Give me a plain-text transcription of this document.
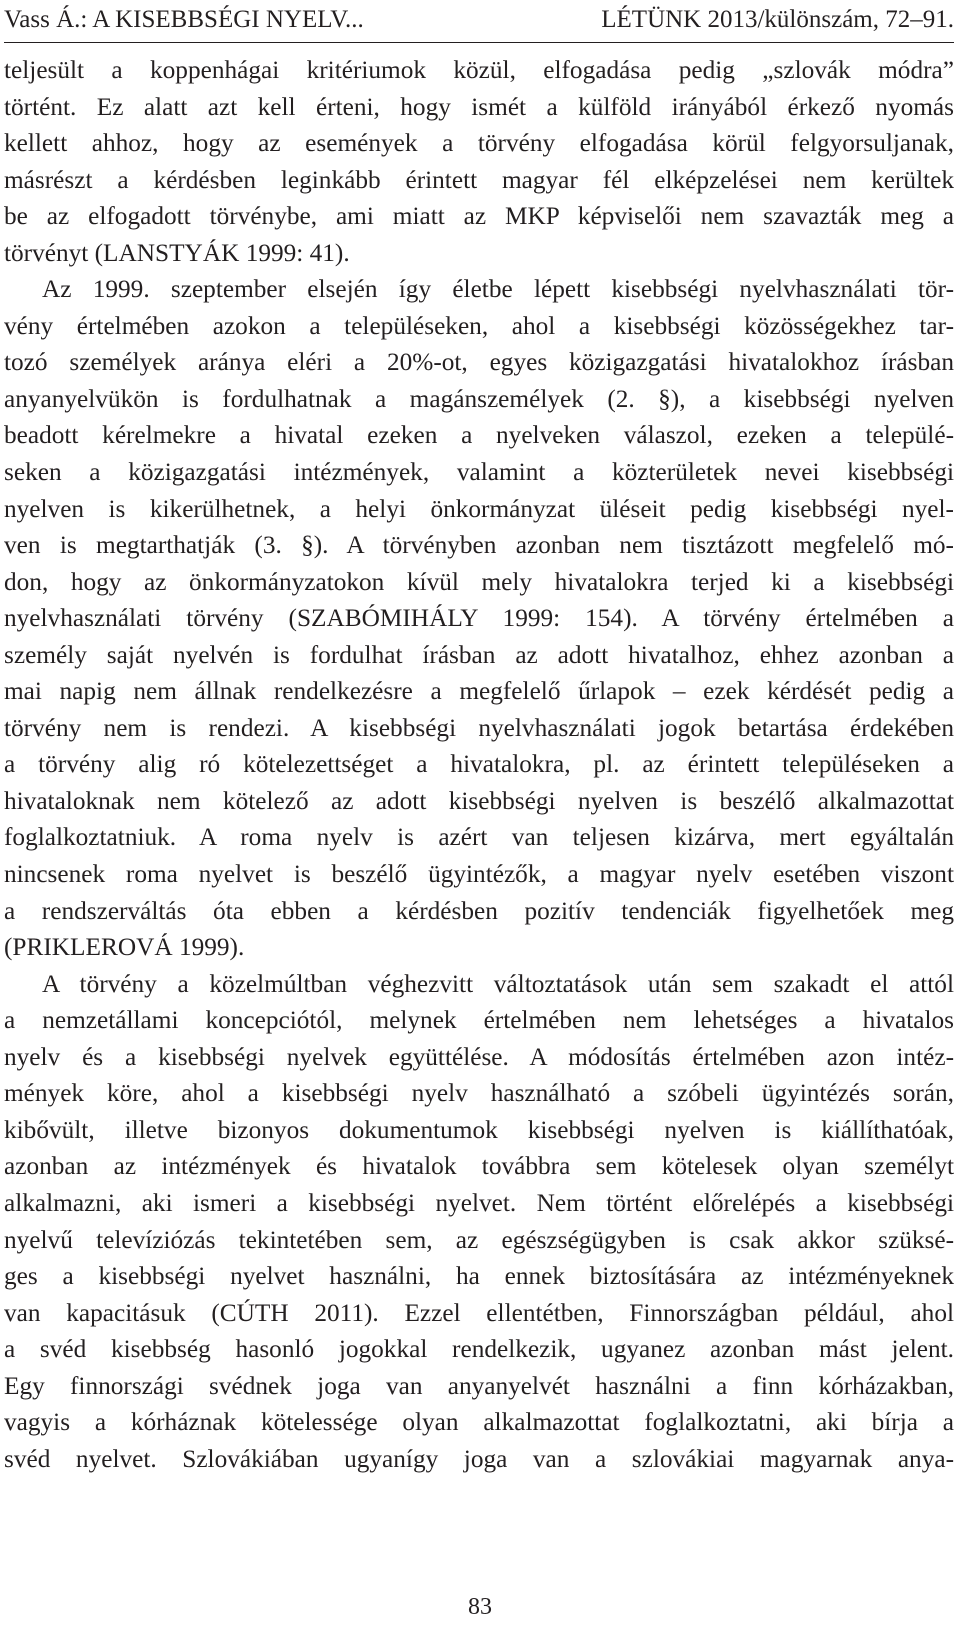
Vass Á.: A KISEBBSÉGI NYELV...	LÉTÜNK 2013/különszám, 72–91.

teljesült a koppenhágai kritériumok közül, elfogadása pedig „szlovák módra”
történt. Ez alatt azt kell érteni, hogy ismét a külföld irányából érkező nyomás
kellett ahhoz, hogy az események a törvény elfogadása körül felgyorsuljanak,
másrészt a kérdésben leginkább érintett magyar fél elképzelései nem kerültek
be az elfogadott törvénybe, ami miatt az MKP képviselői nem szavazták meg a
törvényt (LANSTYÁK 1999: 41).

Az 1999. szeptember elsején így életbe lépett kisebbségi nyelvhasználati tör-
vény értelmében azokon a településeken, ahol a kisebbségi közösségekhez tar-
tozó személyek aránya eléri a 20%-ot, egyes közigazgatási hivatalokhoz írásban
anyanyelvükön is fordulhatnak a magánszemélyek (2. §), a kisebbségi nyelven
beadott kérelmekre a hivatal ezeken a nyelveken válaszol, ezeken a települé-
seken a közigazgatási intézmények, valamint a közterületek nevei kisebbségi
nyelven is kikerülhetnek, a helyi önkormányzat üléseit pedig kisebbségi nyel-
ven is megtarthatják (3. §). A törvényben azonban nem tisztázott megfelelő mó-
don, hogy az önkormányzatokon kívül mely hivatalokra terjed ki a kisebbségi
nyelvhasználati törvény (SZABÓMIHÁLY 1999: 154). A törvény értelmében a
személy saját nyelvén is fordulhat írásban az adott hivatalhoz, ehhez azonban a
mai napig nem állnak rendelkezésre a megfelelő űrlapok – ezek kérdését pedig a
törvény nem is rendezi. A kisebbségi nyelvhasználati jogok betartása érdekében
a törvény alig ró kötelezettséget a hivatalokra, pl. az érintett településeken a
hivataloknak nem kötelező az adott kisebbségi nyelven is beszélő alkalmazottat
foglalkoztatniuk. A roma nyelv is azért van teljesen kizárva, mert egyáltalán
nincsenek roma nyelvet is beszélő ügyintézők, a magyar nyelv esetében viszont
a rendszerváltás óta ebben a kérdésben pozitív tendenciák figyelhetőek meg
(PRIKLEROVÁ 1999).

A törvény a közelmúltban véghezvitt változtatások után sem szakadt el attól
a nemzetállami koncepciótól, melynek értelmében nem lehetséges a hivatalos
nyelv és a kisebbségi nyelvek együttélése. A módosítás értelmében azon intéz-
mények köre, ahol a kisebbségi nyelv használható a szóbeli ügyintézés során,
kibővült, illetve bizonyos dokumentumok kisebbségi nyelven is kiállíthatóak,
azonban az intézmények és hivatalok továbbra sem kötelesek olyan személyt
alkalmazni, aki ismeri a kisebbségi nyelvet. Nem történt előrelépés a kisebbségi
nyelvű televíziózás tekintetében sem, az egészségügyben is csak akkor szüksé-
ges a kisebbségi nyelvet használni, ha ennek biztosítására az intézményeknek
van kapacitásuk (CÚTH 2011). Ezzel ellentétben, Finnországban például, ahol
a svéd kisebbség hasonló jogokkal rendelkezik, ugyanez azonban mást jelent.
Egy finnországi svédnek joga van anyanyelvét használni a finn kórházakban,
vagyis a kórháznak kötelessége olyan alkalmazottat foglalkoztatni, aki bírja a
svéd nyelvet. Szlovákiában ugyanígy joga van a szlovákiai magyarnak anya-

83
